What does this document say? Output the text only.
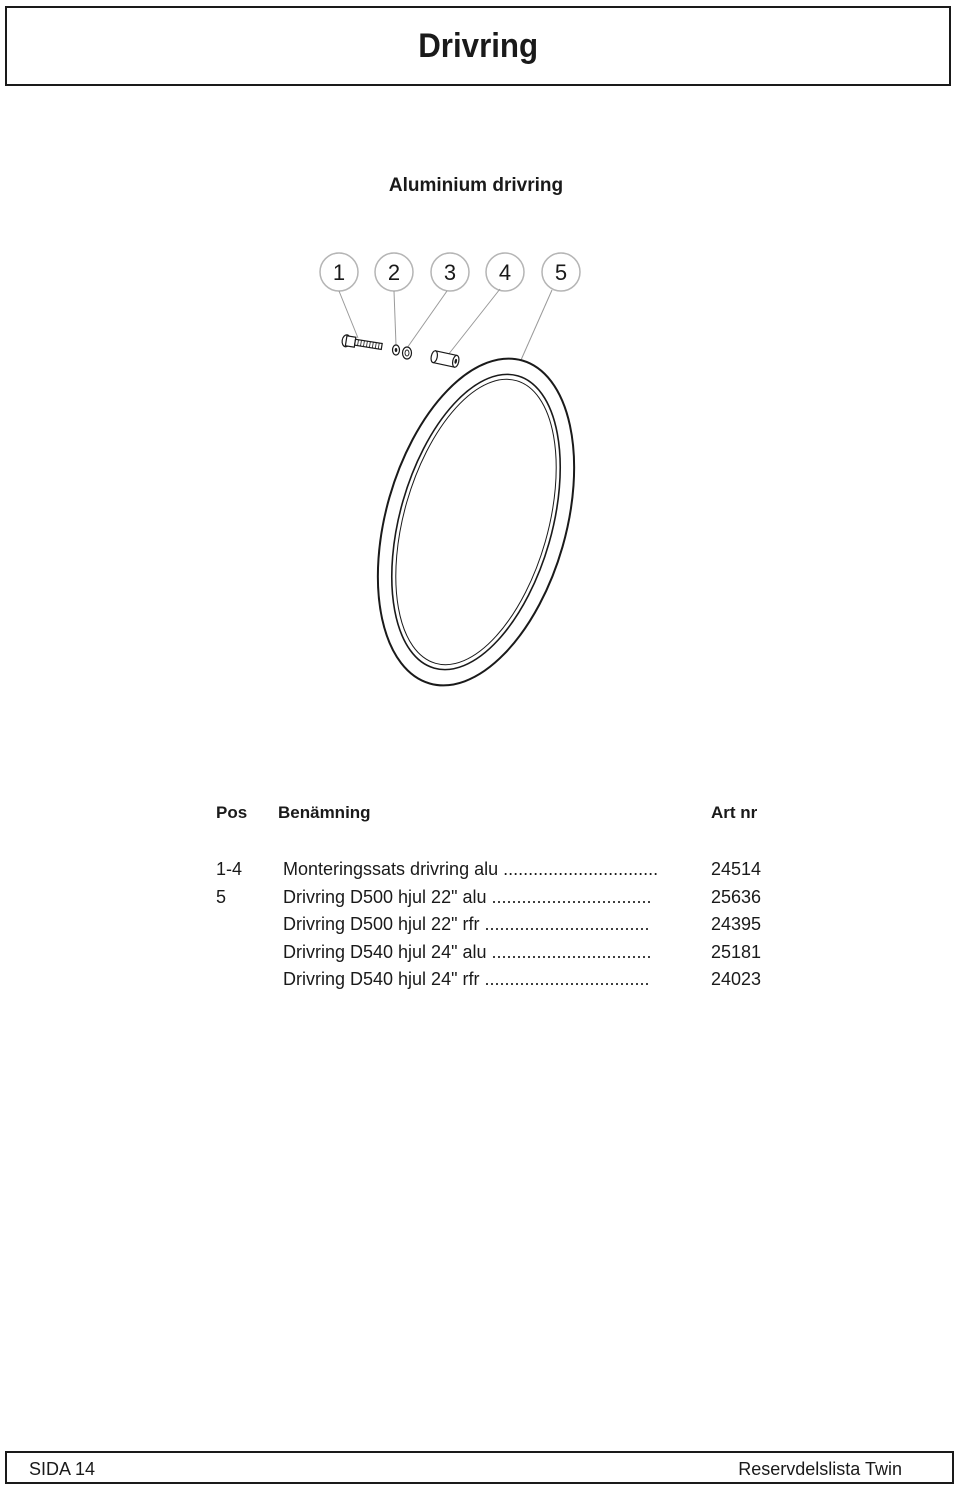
Drivring
Aluminium drivring
1 2 3 4 5
Pos Benämning	Art nr
1-4 Monteringssats drivring alu ...............................	24514
5	Drivring D500 hjul 22" alu ................................	25636
Drivring D500 hjul 22" rfr .................................	24395
Drivring D540 hjul 24" alu ................................	25181
Drivring D540 hjul 24" rfr .................................	24023
SIDA 14	Reservdelslista Twin
